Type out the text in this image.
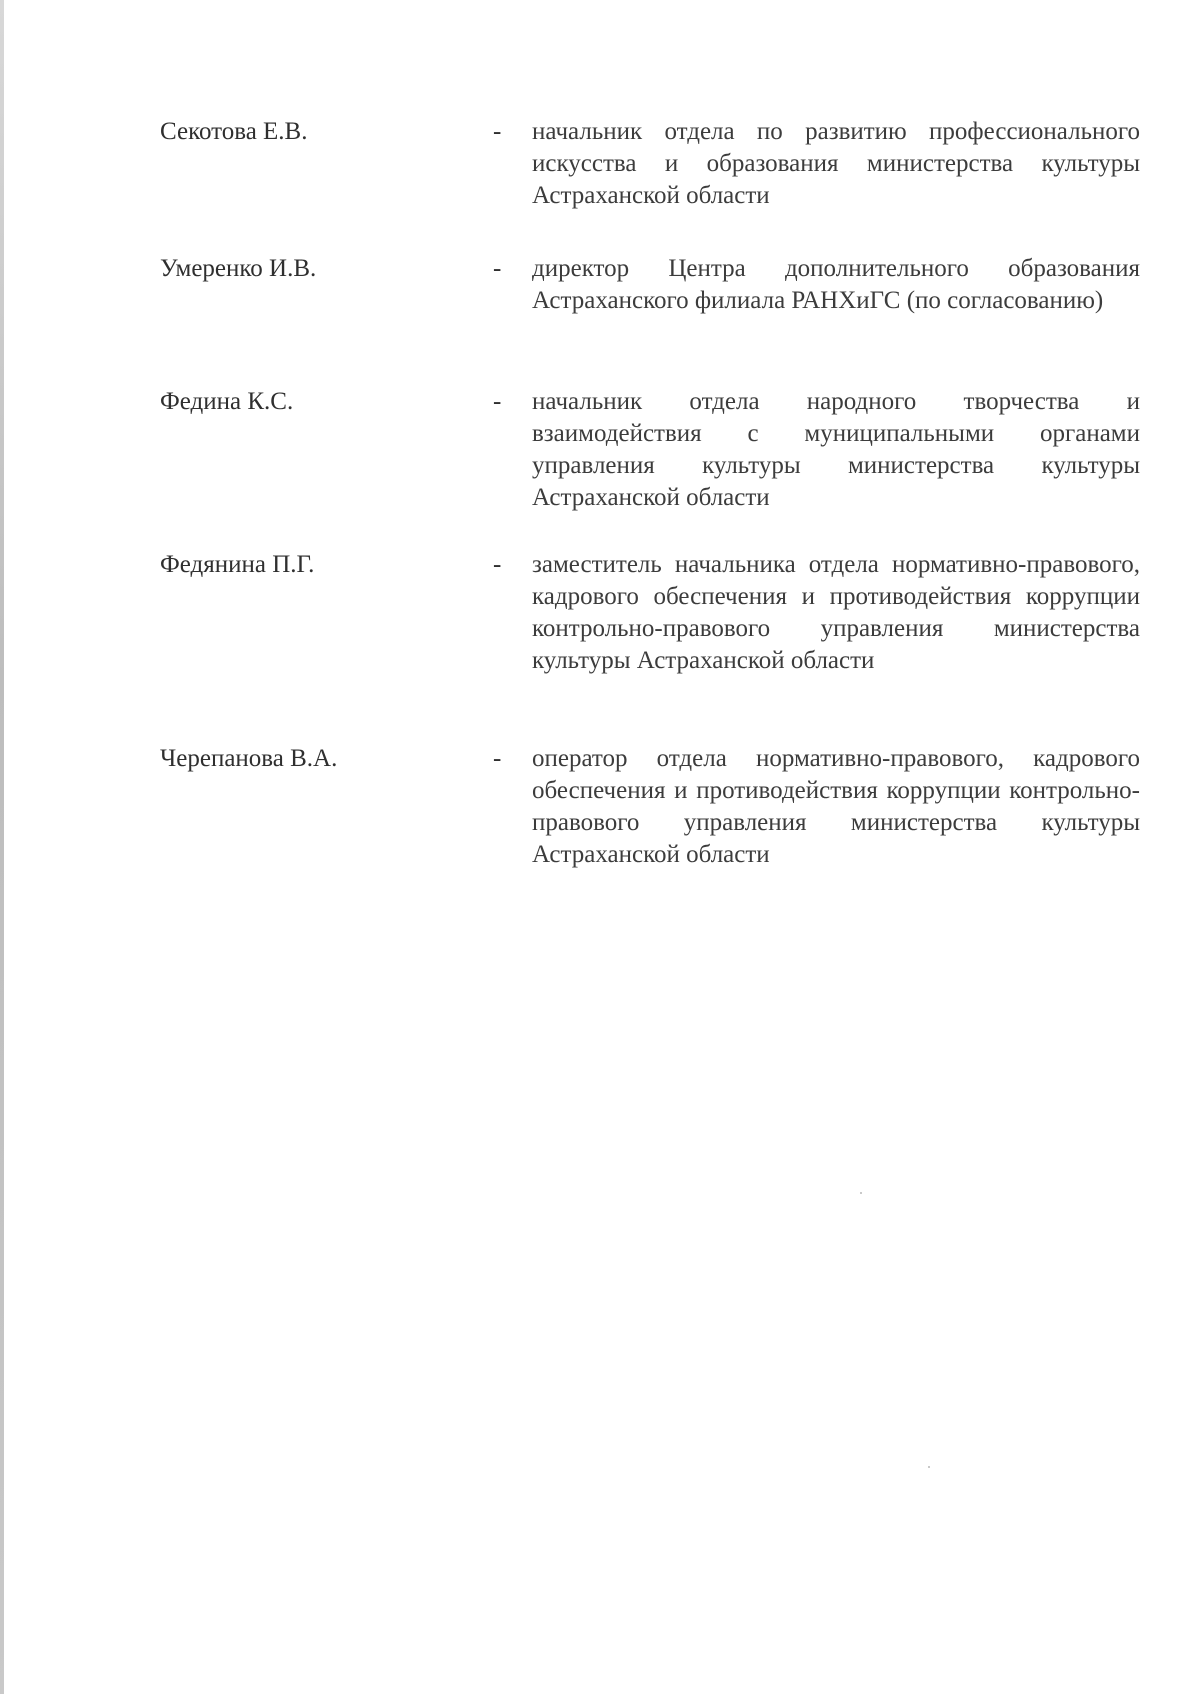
Секотова Е.В.	- начальник отдела по развитию профессионального искусства и образования министерства культуры Астраханской области
Умеренко И.В.	- директор Центра дополнительного образования Астраханского филиала РАНХиГС (по согласованию)
Федина К.С.	- начальник отдела народного творчества и взаимодействия с муниципальными органами управления культуры министерства культуры Астраханской области
Федянина П.Г.	- заместитель начальника отдела нормативно-правового, кадрового обеспечения и противодействия коррупции контрольно-правового управления министерства культуры Астраханской области
Черепанова В.А.	- оператор отдела нормативно-правового, кадрового обеспечения и противодействия коррупции контрольно-правового управления министерства культуры Астраханской области
